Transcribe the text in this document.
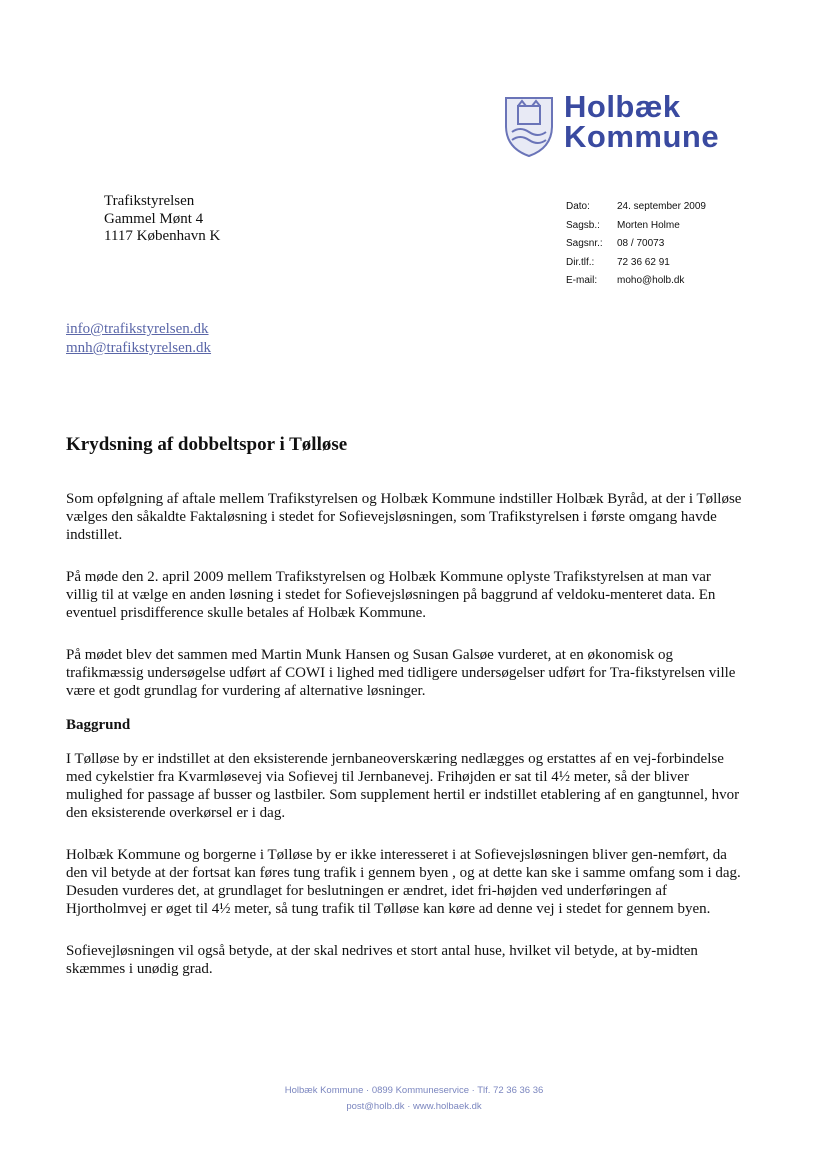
Holbæk
Kommune
Trafikstyrelsen
Gammel Mønt 4
1117 København K
Dato:	24. september 2009
Sagsb.:	Morten Holme
Sagsnr.:	08 / 70073
Dir.tlf.:	72 36 62 91
E-mail:	moho@holb.dk
info@trafikstyrelsen.dk
mnh@trafikstyrelsen.dk
Krydsning af dobbeltspor i Tølløse

Som opfølgning af aftale mellem Trafikstyrelsen og Holbæk Kommune indstiller Holbæk Byråd, at der i Tølløse vælges den såkaldte Faktaløsning i stedet for Sofievejsløsningen, som Trafikstyrelsen i første omgang havde indstillet.

På møde den 2. april 2009 mellem Trafikstyrelsen og Holbæk Kommune oplyste Trafikstyrelsen at man var villig til at vælge en anden løsning i stedet for Sofievejsløsningen på baggrund af veldoku-menteret data. En eventuel prisdifference skulle betales af Holbæk Kommune.

På mødet blev det sammen med Martin Munk Hansen og Susan Galsøe vurderet, at en økonomisk og trafikmæssig undersøgelse udført af COWI i lighed med tidligere undersøgelser udført for Tra-fikstyrelsen ville være et godt grundlag for vurdering af alternative løsninger.

Baggrund

I Tølløse by er indstillet at den eksisterende jernbaneoverskæring nedlægges og erstattes af en vej-forbindelse med cykelstier fra Kvarmløsevej via Sofievej til Jernbanevej. Frihøjden er sat til 4½ meter, så der bliver mulighed for passage af busser og lastbiler. Som supplement hertil er indstillet etablering af en gangtunnel, hvor den eksisterende overkørsel er i dag.

Holbæk Kommune og borgerne i Tølløse by er ikke interesseret i at Sofievejsløsningen bliver gen-nemført, da den vil betyde at der fortsat kan føres tung trafik i gennem byen , og at dette kan ske i samme omfang som i dag. Desuden vurderes det, at grundlaget for beslutningen er ændret, idet fri-højden ved underføringen af Hjortholmvej er øget til 4½ meter, så tung trafik til Tølløse kan køre ad denne vej i stedet for gennem byen.

Sofievejløsningen vil også betyde, at der skal nedrives et stort antal huse, hvilket vil betyde, at by-midten skæmmes i unødig grad.

Holbæk Kommune · 0899 Kommuneservice · Tlf. 72 36 36 36
post@holb.dk · www.holbaek.dk
